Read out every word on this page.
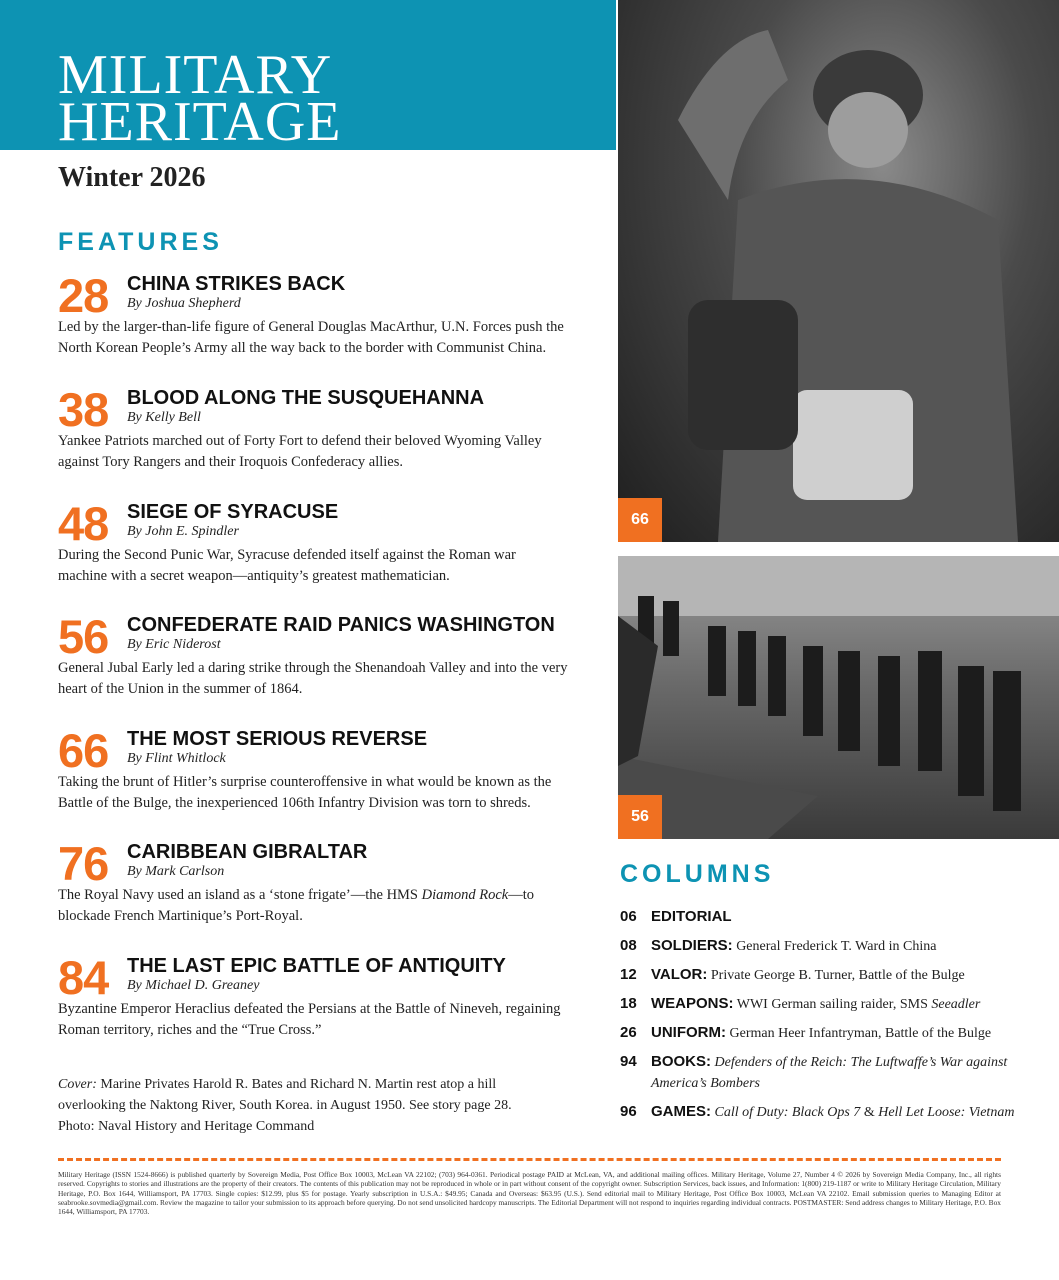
MILITARY
HERITAGE
Winter 2026
FEATURES
28 CHINA STRIKES BACK
By Joshua Shepherd
Led by the larger-than-life figure of General Douglas MacArthur, U.N. Forces push the North Korean People’s Army all the way back to the border with Communist China.
38 BLOOD ALONG THE SUSQUEHANNA
By Kelly Bell
Yankee Patriots marched out of Forty Fort to defend their beloved Wyoming Valley against Tory Rangers and their Iroquois Confederacy allies.
48 SIEGE OF SYRACUSE
By John E. Spindler
During the Second Punic War, Syracuse defended itself against the Roman war machine with a secret weapon—antiquity’s greatest mathematician.
56 CONFEDERATE RAID PANICS WASHINGTON
By Eric Niderost
General Jubal Early led a daring strike through the Shenandoah Valley and into the very heart of the Union in the summer of 1864.
66 THE MOST SERIOUS REVERSE
By Flint Whitlock
Taking the brunt of Hitler’s surprise counteroffensive in what would be known as the Battle of the Bulge, the inexperienced 106th Infantry Division was torn to shreds.
76 CARIBBEAN GIBRALTAR
By Mark Carlson
The Royal Navy used an island as a ‘stone frigate’—the HMS Diamond Rock—to blockade French Martinique’s Port-Royal.
84 THE LAST EPIC BATTLE OF ANTIQUITY
By Michael D. Greaney
Byzantine Emperor Heraclius defeated the Persians at the Battle of Nineveh, regaining Roman territory, riches and the “True Cross.”
Cover: Marine Privates Harold R. Bates and Richard N. Martin rest atop a hill overlooking the Naktong River, South Korea. in August 1950. See story page 28. Photo: Naval History and Heritage Command
66
56
COLUMNS
06 EDITORIAL
08 SOLDIERS: General Frederick T. Ward in China
12 VALOR: Private George B. Turner, Battle of the Bulge
18 WEAPONS: WWI German sailing raider, SMS Seeadler
26 UNIFORM: German Heer Infantryman, Battle of the Bulge
94 BOOKS: Defenders of the Reich: The Luftwaffe’s War against America’s Bombers
96 GAMES: Call of Duty: Black Ops 7 & Hell Let Loose: Vietnam
Military Heritage (ISSN 1524-8666) is published quarterly by Sovereign Media, Post Office Box 10003, McLean VA 22102; (703) 964-0361. Periodical postage PAID at McLean, VA, and additional mailing offices. Military Heritage, Volume 27, Number 4 © 2026 by Sovereign Media Company, Inc., all rights reserved. Copyrights to stories and illustrations are the property of their creators. The contents of this publication may not be reproduced in whole or in part without consent of the copyright owner. Subscription Services, back issues, and Information: 1(800) 219-1187 or write to Military Heritage Circulation, Military Heritage, P.O. Box 1644, Williamsport, PA 17703. Single copies: $12.99, plus $5 for postage. Yearly subscription in U.S.A.: $49.95; Canada and Overseas: $63.95 (U.S.). Send editorial mail to Military Heritage, Post Office Box 10003, McLean VA 22102. Email submission queries to Managing Editor at seabrooke.sovmedia@gmail.com. Review the magazine to tailor your submission to its approach before querying. Do not send unsolicited hardcopy manuscripts. The Editorial Department will not respond to inquiries regarding individual contracts. POSTMASTER: Send address changes to Military Heritage, P.O. Box 1644, Williamsport, PA 17703.
